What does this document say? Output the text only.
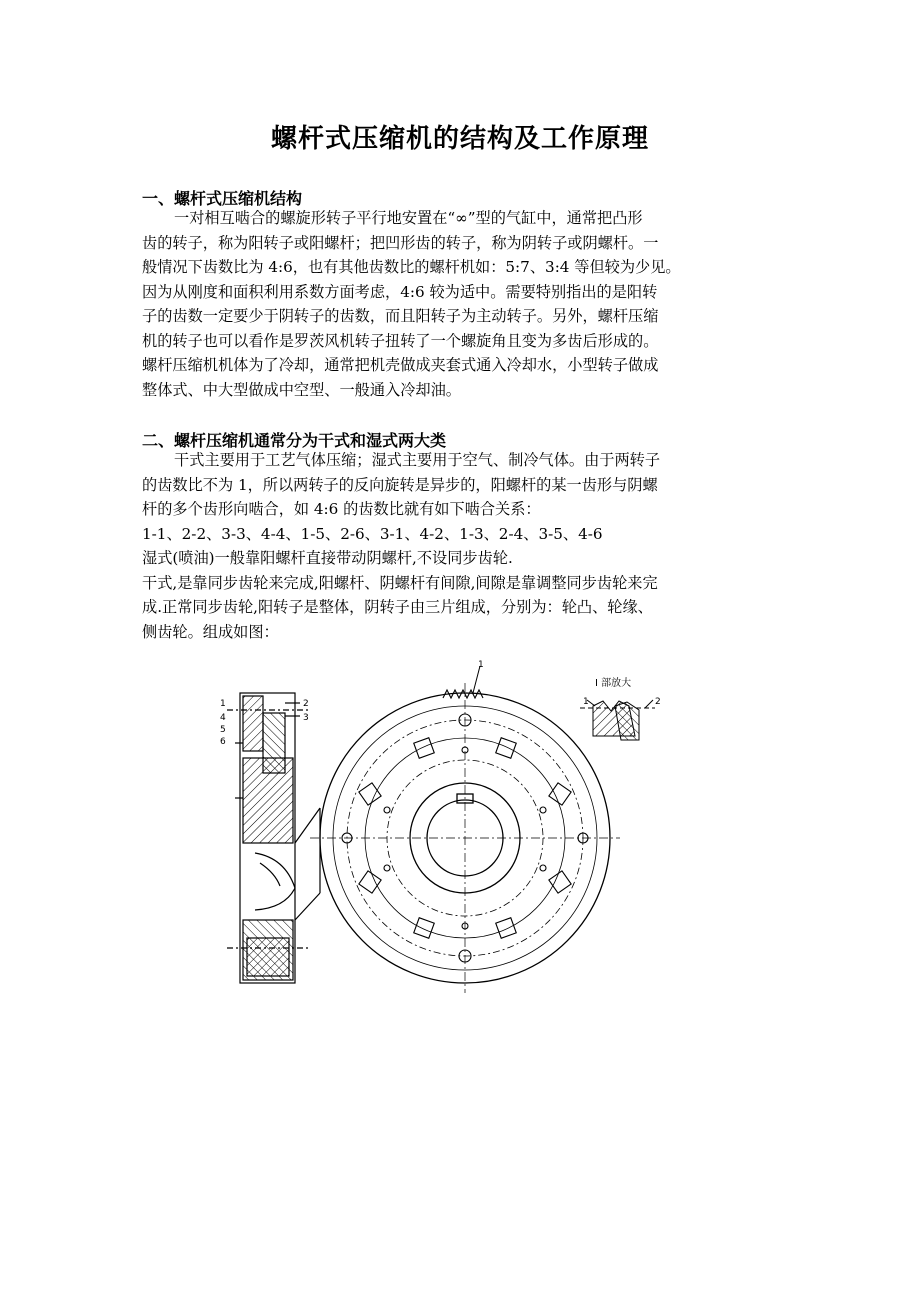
螺杆式压缩机的结构及工作原理
一、螺杆式压缩机结构
一对相互啮合的螺旋形转子平行地安置在“∞”型的气缸中，通常把凸形
齿的转子，称为阳转子或阳螺杆；把凹形齿的转子，称为阴转子或阴螺杆。一
般情况下齿数比为 4:6，也有其他齿数比的螺杆机如：5:7、3:4 等但较为少见。
因为从刚度和面积利用系数方面考虑，4:6 较为适中。需要特别指出的是阳转
子的齿数一定要少于阴转子的齿数，而且阳转子为主动转子。另外，螺杆压缩
机的转子也可以看作是罗茨风机转子扭转了一个螺旋角且变为多齿后形成的。
螺杆压缩机机体为了冷却，通常把机壳做成夹套式通入冷却水，小型转子做成
整体式、中大型做成中空型、一般通入冷却油。
二、螺杆压缩机通常分为干式和湿式两大类
干式主要用于工艺气体压缩；湿式主要用于空气、制冷气体。由于两转子
的齿数比不为 1，所以两转子的反向旋转是异步的，阳螺杆的某一齿形与阴螺
杆的多个齿形向啮合，如 4:6 的齿数比就有如下啮合关系：
1-1、2-2、3-3、4-4、1-5、2-6、3-1、4-2、1-3、2-4、3-5、4-6
湿式(喷油)一般靠阳螺杆直接带动阴螺杆,不设同步齿轮.
干式,是靠同步齿轮来完成,阳螺杆、阴螺杆有间隙,间隙是靠调整同步齿轮来完
成.正常同步齿轮,阳转子是整体，阴转子由三片组成，分别为：轮凸、轮缘、
侧齿轮。组成如图：
1
4
5
6
2
3
1
I 部放大
1	2
